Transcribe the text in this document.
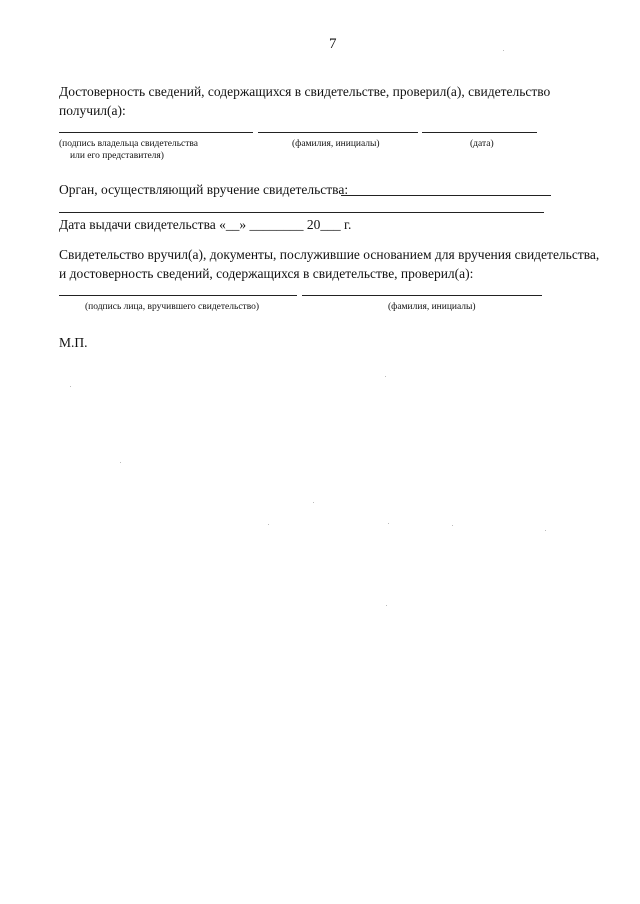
7
Достоверность сведений, содержащихся в свидетельстве, проверил(а), свидетельство
получил(а):
(подпись владельца свидетельства
или его представителя)
(фамилия, инициалы)	(дата)
Орган, осуществляющий вручение свидетельства:
Дата выдачи свидетельства «__» ________ 20___ г.
Свидетельство вручил(а), документы, послужившие основанием для вручения свидетельства,
и достоверность сведений, содержащихся в свидетельстве, проверил(а):
(подпись лица, вручившего свидетельство)	(фамилия, инициалы)
М.П.
